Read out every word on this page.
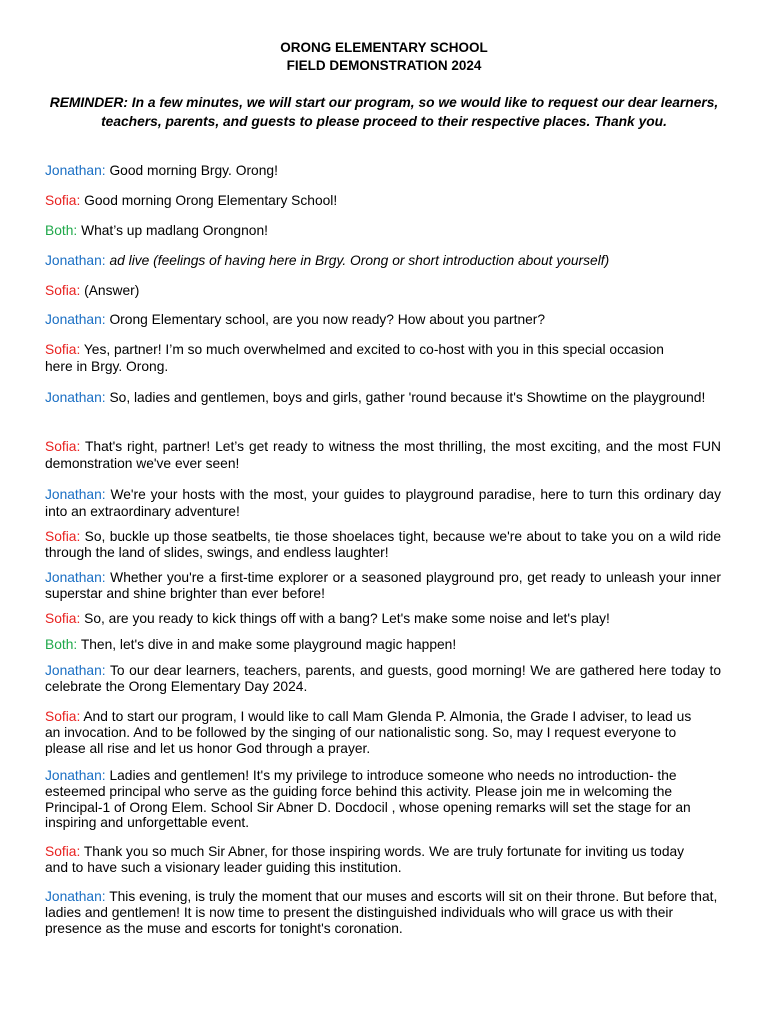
ORONG ELEMENTARY SCHOOL
FIELD DEMONSTRATION 2024

REMINDER: In a few minutes, we will start our program, so we would like to request our dear learners, teachers, parents, and guests to please proceed to their respective places. Thank you.

Jonathan: Good morning Brgy. Orong!

Sofia: Good morning Orong Elementary School!

Both: What’s up madlang Orongnon!

Jonathan: ad live (feelings of having here in Brgy. Orong or short introduction about yourself)

Sofia: (Answer)

Jonathan: Orong Elementary school, are you now ready? How about you partner?

Sofia: Yes, partner! I’m so much overwhelmed and excited to co-host with you in this special occasion here in Brgy. Orong.

Jonathan: So, ladies and gentlemen, boys and girls, gather 'round because it's Showtime on the playground!

Sofia: That's right, partner! Let’s get ready to witness the most thrilling, the most exciting, and the most FUN demonstration we've ever seen!

Jonathan: We're your hosts with the most, your guides to playground paradise, here to turn this ordinary day into an extraordinary adventure!

Sofia: So, buckle up those seatbelts, tie those shoelaces tight, because we're about to take you on a wild ride through the land of slides, swings, and endless laughter!

Jonathan: Whether you're a first-time explorer or a seasoned playground pro, get ready to unleash your inner superstar and shine brighter than ever before!

Sofia: So, are you ready to kick things off with a bang? Let's make some noise and let's play!

Both: Then, let's dive in and make some playground magic happen!

Jonathan: To our dear learners, teachers, parents, and guests, good morning! We are gathered here today to celebrate the Orong Elementary Day 2024.

Sofia: And to start our program, I would like to call Mam Glenda P. Almonia, the Grade I adviser, to lead us an invocation. And to be followed by the singing of our nationalistic song. So, may I request everyone to please all rise and let us honor God through a prayer.

Jonathan: Ladies and gentlemen! It's my privilege to introduce someone who needs no introduction- the esteemed principal who serve as the guiding force behind this activity. Please join me in welcoming the Principal-1 of Orong Elem. School Sir Abner D. Docdocil , whose opening remarks will set the stage for an inspiring and unforgettable event.

Sofia: Thank you so much Sir Abner, for those inspiring words. We are truly fortunate for inviting us today and to have such a visionary leader guiding this institution.

Jonathan: This evening, is truly the moment that our muses and escorts will sit on their throne. But before that, ladies and gentlemen! It is now time to present the distinguished individuals who will grace us with their presence as the muse and escorts for tonight's coronation.
